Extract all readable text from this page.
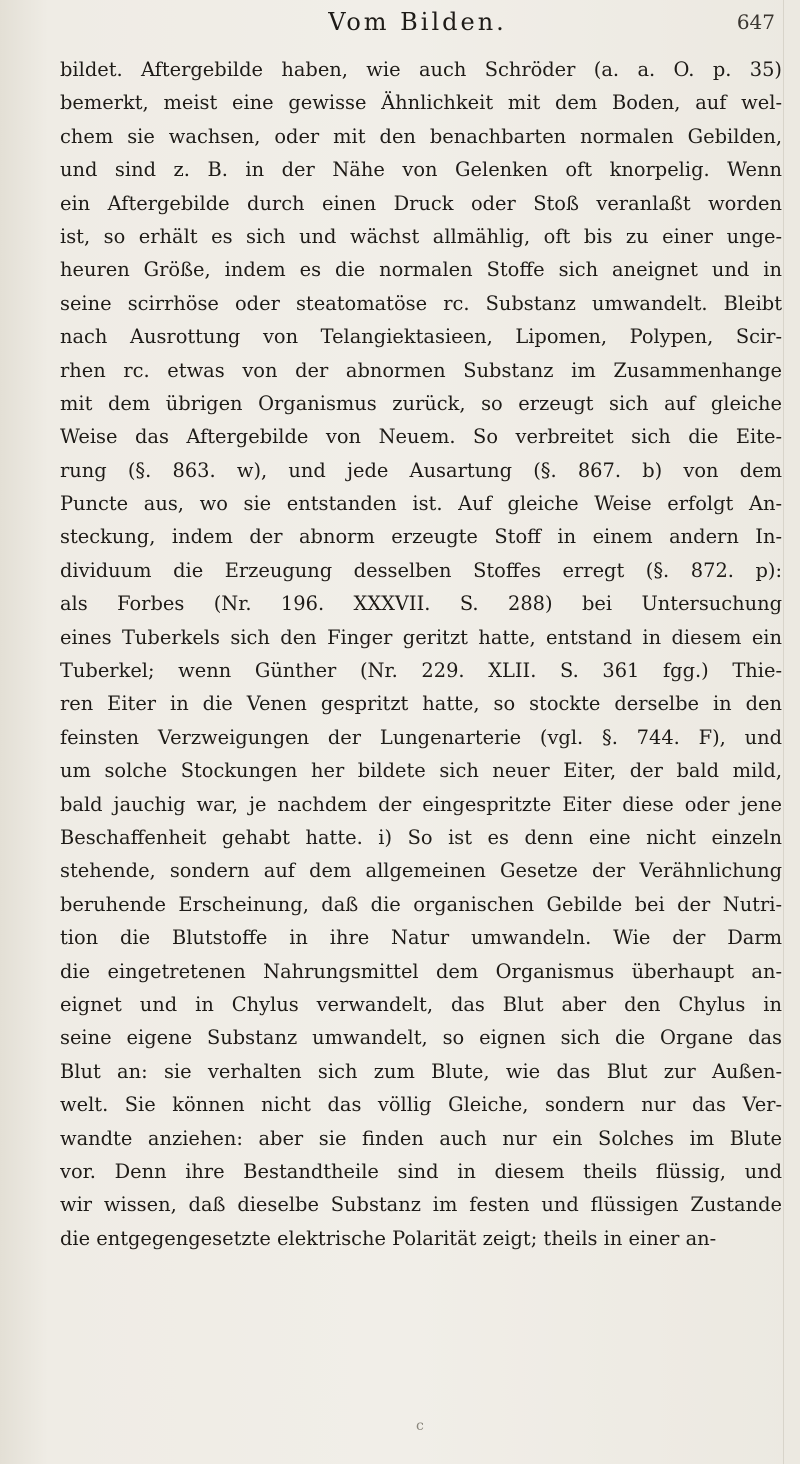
Vom Bilden.	647
bildet. Aftergebilde haben, wie auch Schröder (a. a. O. p. 35)
bemerkt, meist eine gewisse Ähnlichkeit mit dem Boden, auf wel-
chem sie wachsen, oder mit den benachbarten normalen Gebilden,
und sind z. B. in der Nähe von Gelenken oft knorpelig. Wenn
ein Aftergebilde durch einen Druck oder Stoß veranlaßt worden
ist, so erhält es sich und wächst allmählig, oft bis zu einer unge-
heuren Größe, indem es die normalen Stoffe sich aneignet und in
seine scirrhöse oder steatomatöse rc. Substanz umwandelt. Bleibt
nach Ausrottung von Telangiektasieen, Lipomen, Polypen, Scir-
rhen rc. etwas von der abnormen Substanz im Zusammenhange
mit dem übrigen Organismus zurück, so erzeugt sich auf gleiche
Weise das Aftergebilde von Neuem. So verbreitet sich die Eite-
rung (§. 863. w), und jede Ausartung (§. 867. b) von dem
Puncte aus, wo sie entstanden ist. Auf gleiche Weise erfolgt An-
steckung, indem der abnorm erzeugte Stoff in einem andern In-
dividuum die Erzeugung desselben Stoffes erregt (§. 872. p):
als Forbes (Nr. 196. XXXVII. S. 288) bei Untersuchung
eines Tuberkels sich den Finger geritzt hatte, entstand in diesem ein
Tuberkel; wenn Günther (Nr. 229. XLII. S. 361 fgg.) Thie-
ren Eiter in die Venen gespritzt hatte, so stockte derselbe in den
feinsten Verzweigungen der Lungenarterie (vgl. §. 744. F), und
um solche Stockungen her bildete sich neuer Eiter, der bald mild,
bald jauchig war, je nachdem der eingespritzte Eiter diese oder jene
Beschaffenheit gehabt hatte. i) So ist es denn eine nicht einzeln
stehende, sondern auf dem allgemeinen Gesetze der Verähnlichung
beruhende Erscheinung, daß die organischen Gebilde bei der Nutri-
tion die Blutstoffe in ihre Natur umwandeln. Wie der Darm
die eingetretenen Nahrungsmittel dem Organismus überhaupt an-
eignet und in Chylus verwandelt, das Blut aber den Chylus in
seine eigene Substanz umwandelt, so eignen sich die Organe das
Blut an: sie verhalten sich zum Blute, wie das Blut zur Außen-
welt. Sie können nicht das völlig Gleiche, sondern nur das Ver-
wandte anziehen: aber sie finden auch nur ein Solches im Blute
vor. Denn ihre Bestandtheile sind in diesem theils flüssig, und
wir wissen, daß dieselbe Substanz im festen und flüssigen Zustande
die entgegengesetzte elektrische Polarität zeigt; theils in einer an-
c
